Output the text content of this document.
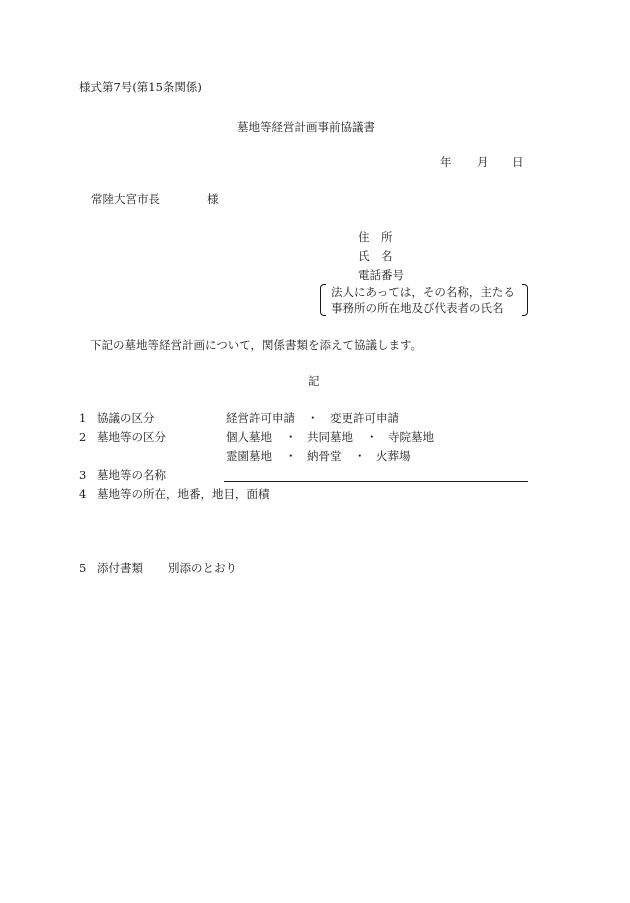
様式第7号(第15条関係)
墓地等経営計画事前協議書
年 月 日
常陸大宮市長	様
住　所
氏　名
電話番号
法人にあっては，その名称，主たる
事務所の所在地及び代表者の氏名
下記の墓地等経営計画について，関係書類を添えて協議します。
記
1 協議の区分	経営許可申請 ・ 変更許可申請
2 墓地等の区分	個人墓地 ・ 共同墓地 ・ 寺院墓地
霊園墓地 ・ 納骨堂 ・ 火葬場
3 墓地等の名称
4 墓地等の所在，地番，地目，面積
5 添付書類 別添のとおり
